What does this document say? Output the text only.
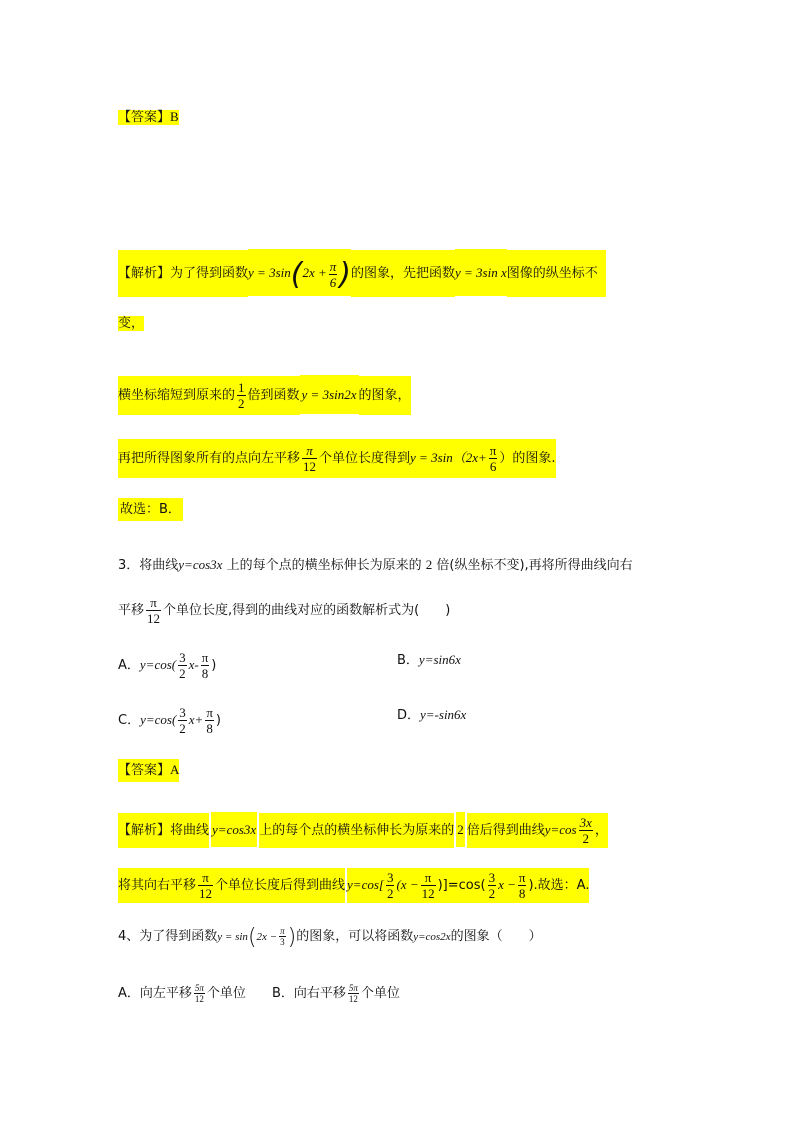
【答案】B
【解析】为了得到函数$y = 3\sin(2x + \frac{\pi}{6}$ )的图象，先把函数y = 3sin x图像的纵坐标不
变，
横坐标缩短到原来的 $\frac{1}{2}$ 倍到函数 y = 3sin2x 的图象，
再把所得图象所有的点向左平移 $\frac{\pi}{12}$ 个单位长度得到$y = 3\sin(2x+ \frac{\pi}{6}$ ）的图象.
故选：B．
3．将曲线y=cos3x 上的每个点的横坐标伸长为原来的 2 倍(纵坐标不变),再将所得曲线向右
平移 $\frac{\pi}{12}$ 个单位长度,得到的曲线对应的函数解析式为(　　)
A．$y=\cos( \frac{3}{2} x- \frac{\pi}{8}$ )	B．y=sin6x
C．$y=\cos( \frac{3}{2} x+ \frac{\pi}{8}$ )	D．y=-sin6x
【答案】A
【解析】将曲线 y=cos3x 上的每个点的横坐标伸长为原来的 2 倍后得到曲线$y=\cos \frac{3x}{2}$ ，
将其向右平移 $\frac{\pi}{12}$ 个单位长度后得到曲线 $y=\cos[ \frac{3}{2} (x - \frac{\pi}{12} )]=\cos( \frac{3}{2}$ $x - \frac{\pi}{8}$ ).故选：A.
4、为了得到函数$y = \sin(2x - \frac{\pi}{3}$ )的图象，可以将函数y=cos2x的图象（　　）
A．向左平移 $\frac{5\pi}{12}$ 个单位 B．向右平移 $\frac{5\pi}{12}$ 个单位
